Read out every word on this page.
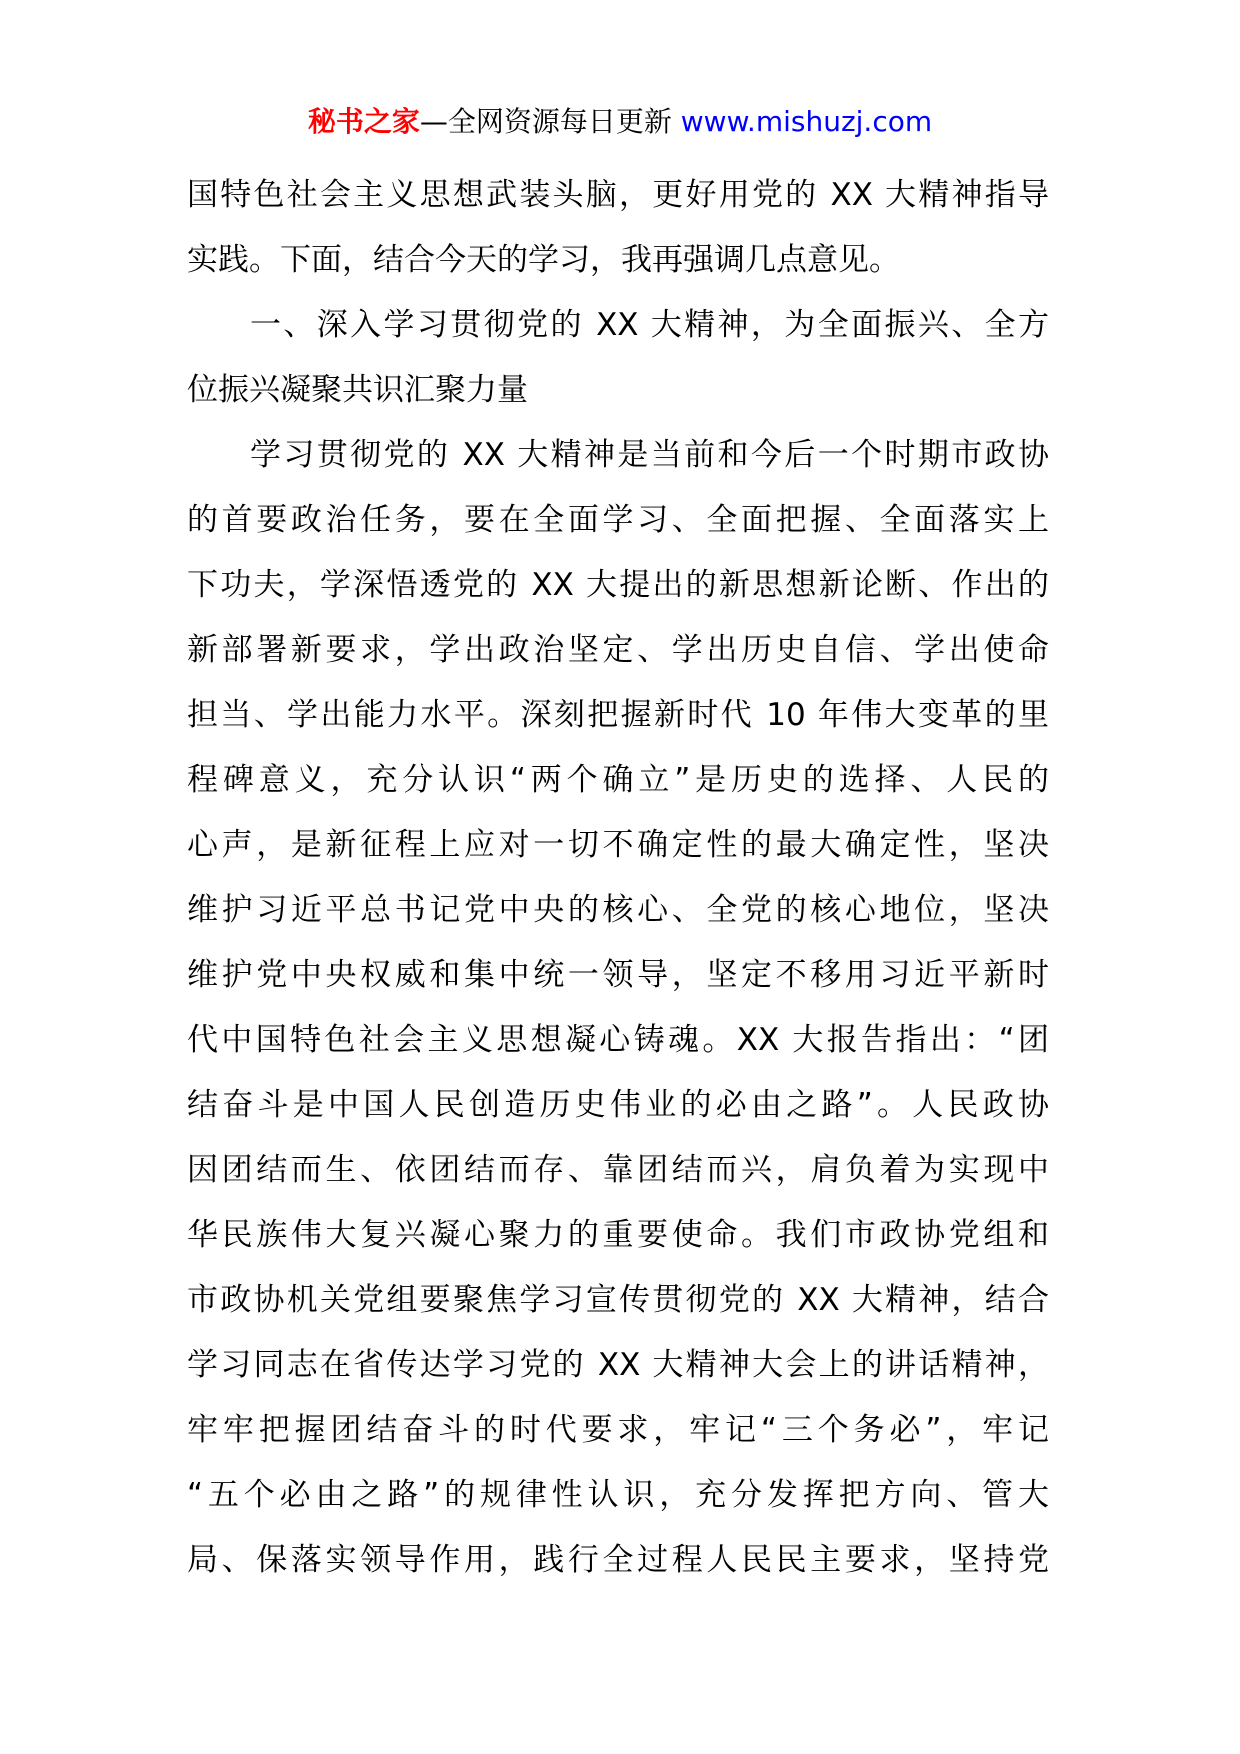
秘书之家—全网资源每日更新 www.mishuzj.com
国特色社会主义思想武装头脑，更好用党的 XX 大精神指导
实践。下面，结合今天的学习，我再强调几点意见。
一、深入学习贯彻党的 XX 大精神，为全面振兴、全方
位振兴凝聚共识汇聚力量
学习贯彻党的 XX 大精神是当前和今后一个时期市政协
的首要政治任务，要在全面学习、全面把握、全面落实上
下功夫，学深悟透党的 XX 大提出的新思想新论断、作出的
新部署新要求，学出政治坚定、学出历史自信、学出使命
担当、学出能力水平。深刻把握新时代 10 年伟大变革的里
程碑意义，充分认识“两个确立”是历史的选择、人民的
心声，是新征程上应对一切不确定性的最大确定性，坚决
维护习近平总书记党中央的核心、全党的核心地位，坚决
维护党中央权威和集中统一领导，坚定不移用习近平新时
代中国特色社会主义思想凝心铸魂。XX 大报告指出：“团
结奋斗是中国人民创造历史伟业的必由之路”。人民政协
因团结而生、依团结而存、靠团结而兴，肩负着为实现中
华民族伟大复兴凝心聚力的重要使命。我们市政协党组和
市政协机关党组要聚焦学习宣传贯彻党的 XX 大精神，结合
学习同志在省传达学习党的 XX 大精神大会上的讲话精神，
牢牢把握团结奋斗的时代要求，牢记“三个务必”，牢记
“五个必由之路”的规律性认识，充分发挥把方向、管大
局、保落实领导作用，践行全过程人民民主要求，坚持党
